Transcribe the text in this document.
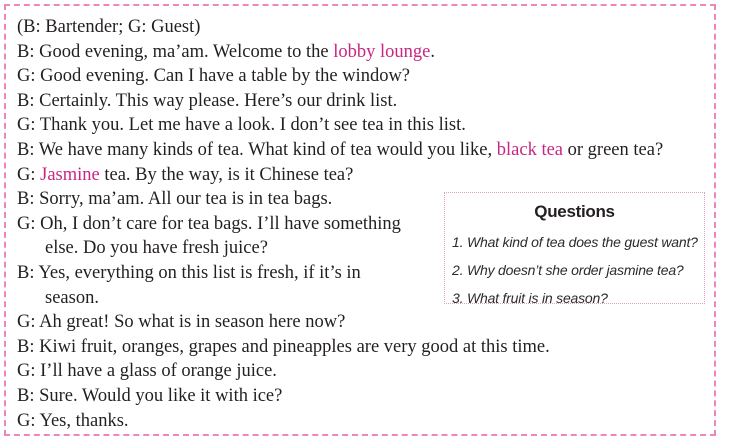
(B: Bartender; G: Guest)
B: Good evening, ma’am. Welcome to the lobby lounge.
G: Good evening. Can I have a table by the window?
B: Certainly. This way please. Here’s our drink list.
G: Thank you. Let me have a look. I don’t see tea in this list.
B: We have many kinds of tea. What kind of tea would you like, black tea or green tea?
G: Jasmine tea. By the way, is it Chinese tea?
B: Sorry, ma’am. All our tea is in tea bags.
G: Oh, I don’t care for tea bags. I’ll have something
else. Do you have fresh juice?
B: Yes, everything on this list is fresh, if it’s in
season.
G: Ah great! So what is in season here now?
B: Kiwi fruit, oranges, grapes and pineapples are very good at this time.
G: I’ll have a glass of orange juice.
B: Sure. Would you like it with ice?
G: Yes, thanks.
Questions
1. What kind of tea does the guest want?
2. Why doesn’t she order jasmine tea?
3. What fruit is in season?
